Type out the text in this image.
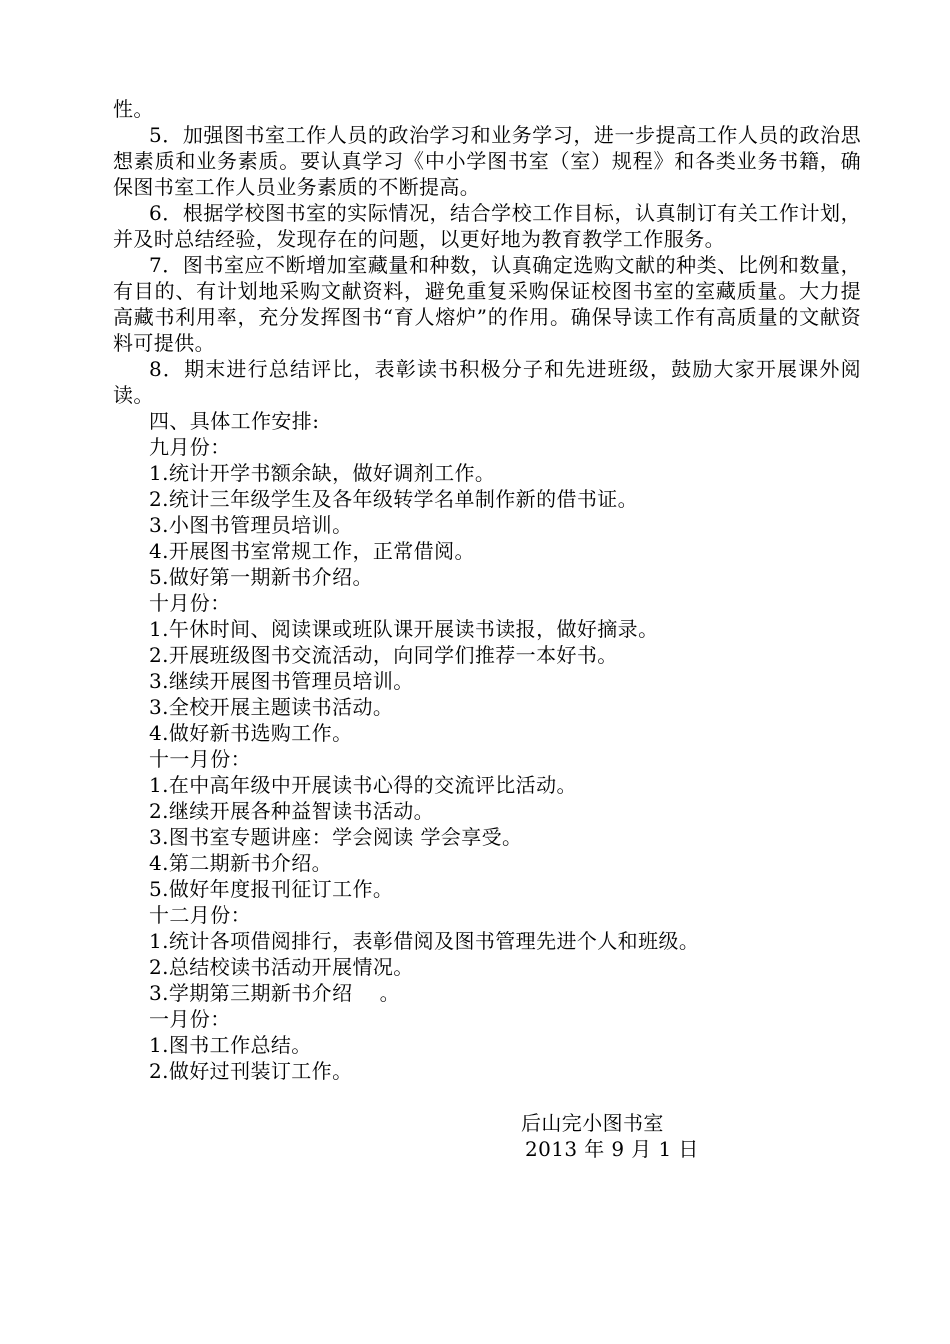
性。

5．加强图书室工作人员的政治学习和业务学习，进一步提高工作人员的政治思想素质和业务素质。要认真学习《中小学图书室（室）规程》和各类业务书籍，确保图书室工作人员业务素质的不断提高。

6．根据学校图书室的实际情况，结合学校工作目标，认真制订有关工作计划，并及时总结经验，发现存在的问题，以更好地为教育教学工作服务。

7．图书室应不断增加室藏量和种数，认真确定选购文献的种类、比例和数量，有目的、有计划地采购文献资料，避免重复采购保证校图书室的室藏质量。大力提高藏书利用率，充分发挥图书“育人熔炉”的作用。确保导读工作有高质量的文献资料可提供。

8．期末进行总结评比，表彰读书积极分子和先进班级，鼓励大家开展课外阅读。

四、具体工作安排:

九月份：

1.统计开学书额余缺，做好调剂工作。

2.统计三年级学生及各年级转学名单制作新的借书证。

3.小图书管理员培训。

4.开展图书室常规工作，正常借阅。

5.做好第一期新书介绍。

十月份：

1.午休时间、阅读课或班队课开展读书读报，做好摘录。

2.开展班级图书交流活动，向同学们推荐一本好书。

3.继续开展图书管理员培训。

3.全校开展主题读书活动。

4.做好新书选购工作。

十一月份：

1.在中高年级中开展读书心得的交流评比活动。

2.继续开展各种益智读书活动。

3.图书室专题讲座：学会阅读 学会享受。

4.第二期新书介绍。

5.做好年度报刊征订工作。

十二月份：

1.统计各项借阅排行，表彰借阅及图书管理先进个人和班级。

2.总结校读书活动开展情况。

3.学期第三期新书介绍　 。

一月份：

1.图书工作总结。

2.做好过刊装订工作。

后山完小图书室
2013 年 9 月 1 日
